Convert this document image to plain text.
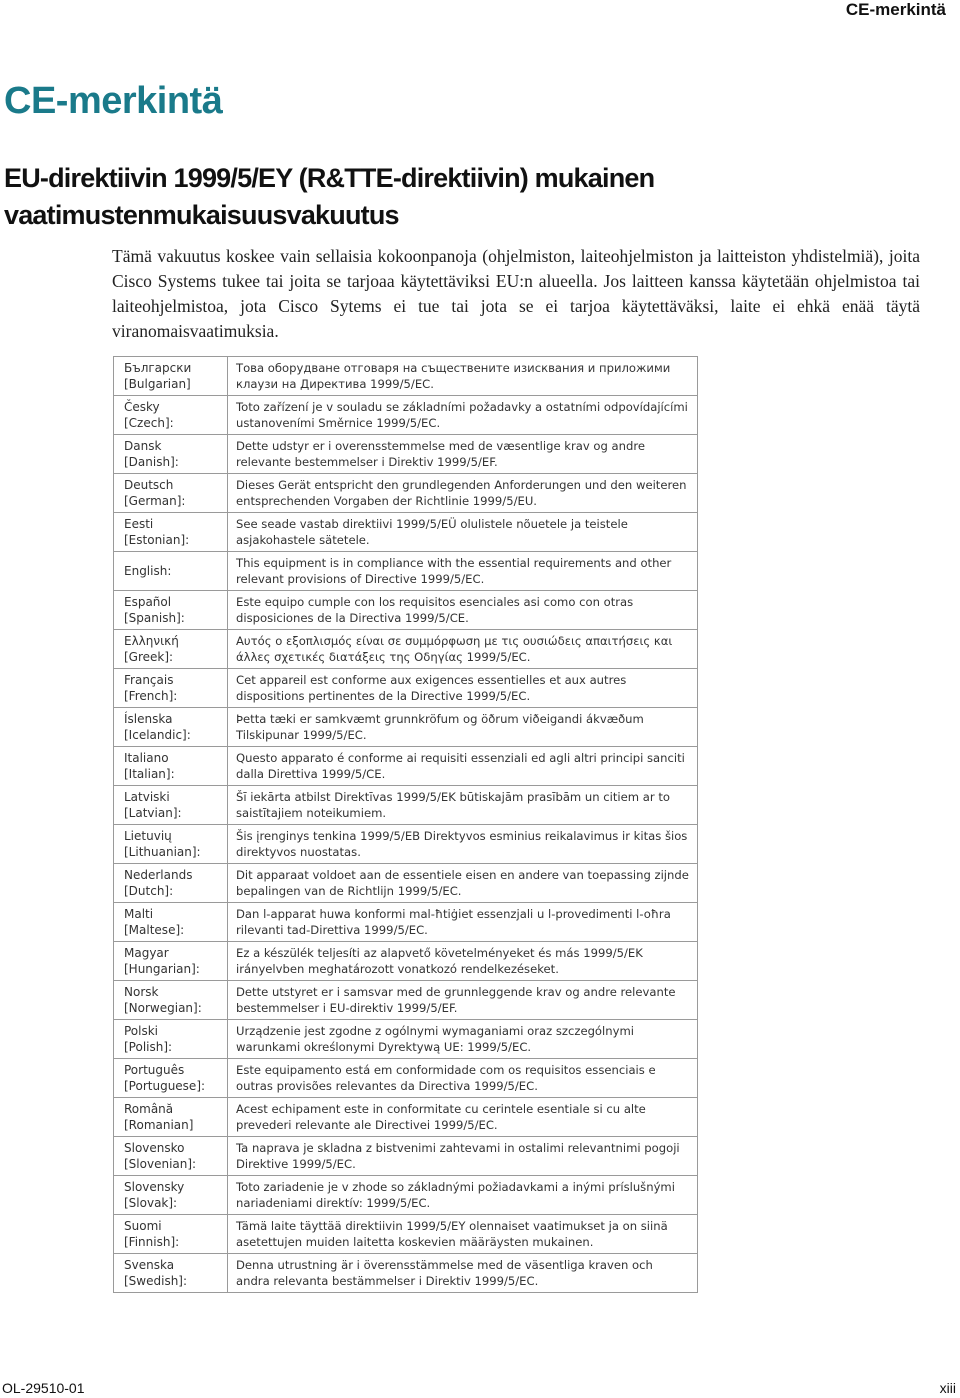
CE-merkintä
CE-merkintä
EU-direktiivin 1999/5/EY (R&TTE-direktiivin) mukainen vaatimustenmukaisuusvakuutus

Tämä vakuutus koskee vain sellaisia kokoonpanoja (ohjelmiston, laiteohjelmiston ja laitteiston yhdistelmiä), joita Cisco Systems tukee tai joita se tarjoaa käytettäviksi EU:n alueella. Jos laitteen kanssa käytetään ohjelmistoa tai laiteohjelmistoa, jota Cisco Sytems ei tue tai jota se ei tarjoa käytettäväksi, laite ei ehkä enää täytä viranomaisvaatimuksia.

Български
[Bulgarian]	Това оборудване отговаря на съществените изисквания и приложими клаузи на Директива 1999/5/ЕС.
Česky
[Czech]:	Toto zařízení je v souladu se základními požadavky a ostatními odpovídajícími ustanoveními Směrnice 1999/5/EC.
Dansk
[Danish]:	Dette udstyr er i overensstemmelse med de væsentlige krav og andre relevante bestemmelser i Direktiv 1999/5/EF.
Deutsch
[German]:	Dieses Gerät entspricht den grundlegenden Anforderungen und den weiteren entsprechenden Vorgaben der Richtlinie 1999/5/EU.
Eesti
[Estonian]:	See seade vastab direktiivi 1999/5/EÜ olulistele nõuetele ja teistele asjakohastele sätetele.
English:	This equipment is in compliance with the essential requirements and other relevant provisions of Directive 1999/5/EC.
Español
[Spanish]:	Este equipo cumple con los requisitos esenciales asi como con otras disposiciones de la Directiva 1999/5/CE.
Ελληνική
[Greek]:	Αυτός ο εξοπλισμός είναι σε συμμόρφωση με τις ουσιώδεις απαιτήσεις και άλλες σχετικές διατάξεις της Οδηγίας 1999/5/EC.
Français
[French]:	Cet appareil est conforme aux exigences essentielles et aux autres dispositions pertinentes de la Directive 1999/5/EC.
Íslenska
[Icelandic]:	Þetta tæki er samkvæmt grunnkröfum og öðrum viðeigandi ákvæðum Tilskipunar 1999/5/EC.
Italiano
[Italian]:	Questo apparato é conforme ai requisiti essenziali ed agli altri principi sanciti dalla Direttiva 1999/5/CE.
Latviski
[Latvian]:	Šī iekārta atbilst Direktīvas 1999/5/EK būtiskajām prasībām un citiem ar to saistītajiem noteikumiem.
Lietuvių
[Lithuanian]:	Šis įrenginys tenkina 1999/5/EB Direktyvos esminius reikalavimus ir kitas šios direktyvos nuostatas.
Nederlands
[Dutch]:	Dit apparaat voldoet aan de essentiele eisen en andere van toepassing zijnde bepalingen van de Richtlijn 1999/5/EC.
Malti
[Maltese]:	Dan l-apparat huwa konformi mal-ħtiġiet essenzjali u l-provedimenti l-oħra rilevanti tad-Direttiva 1999/5/EC.
Magyar
[Hungarian]:	Ez a készülék teljesíti az alapvető követelményeket és más 1999/5/EK irányelvben meghatározott vonatkozó rendelkezéseket.
Norsk
[Norwegian]:	Dette utstyret er i samsvar med de grunnleggende krav og andre relevante bestemmelser i EU-direktiv 1999/5/EF.
Polski
[Polish]:	Urządzenie jest zgodne z ogólnymi wymaganiami oraz szczególnymi warunkami określonymi Dyrektywą UE: 1999/5/EC.
Português
[Portuguese]:	Este equipamento está em conformidade com os requisitos essenciais e outras provisões relevantes da Directiva 1999/5/EC.
Română
[Romanian]	Acest echipament este in conformitate cu cerintele esentiale si cu alte prevederi relevante ale Directivei 1999/5/EC.
Slovensko
[Slovenian]:	Ta naprava je skladna z bistvenimi zahtevami in ostalimi relevantnimi pogoji Direktive 1999/5/EC.
Slovensky
[Slovak]:	Toto zariadenie je v zhode so základnými požiadavkami a inými príslušnými nariadeniami direktív: 1999/5/EC.
Suomi
[Finnish]:	Tämä laite täyttää direktiivin 1999/5/EY olennaiset vaatimukset ja on siinä asetettujen muiden laitetta koskevien määräysten mukainen.
Svenska
[Swedish]:	Denna utrustning är i överensstämmelse med de väsentliga kraven och andra relevanta bestämmelser i Direktiv 1999/5/EC.
OL-29510-01	xiii
